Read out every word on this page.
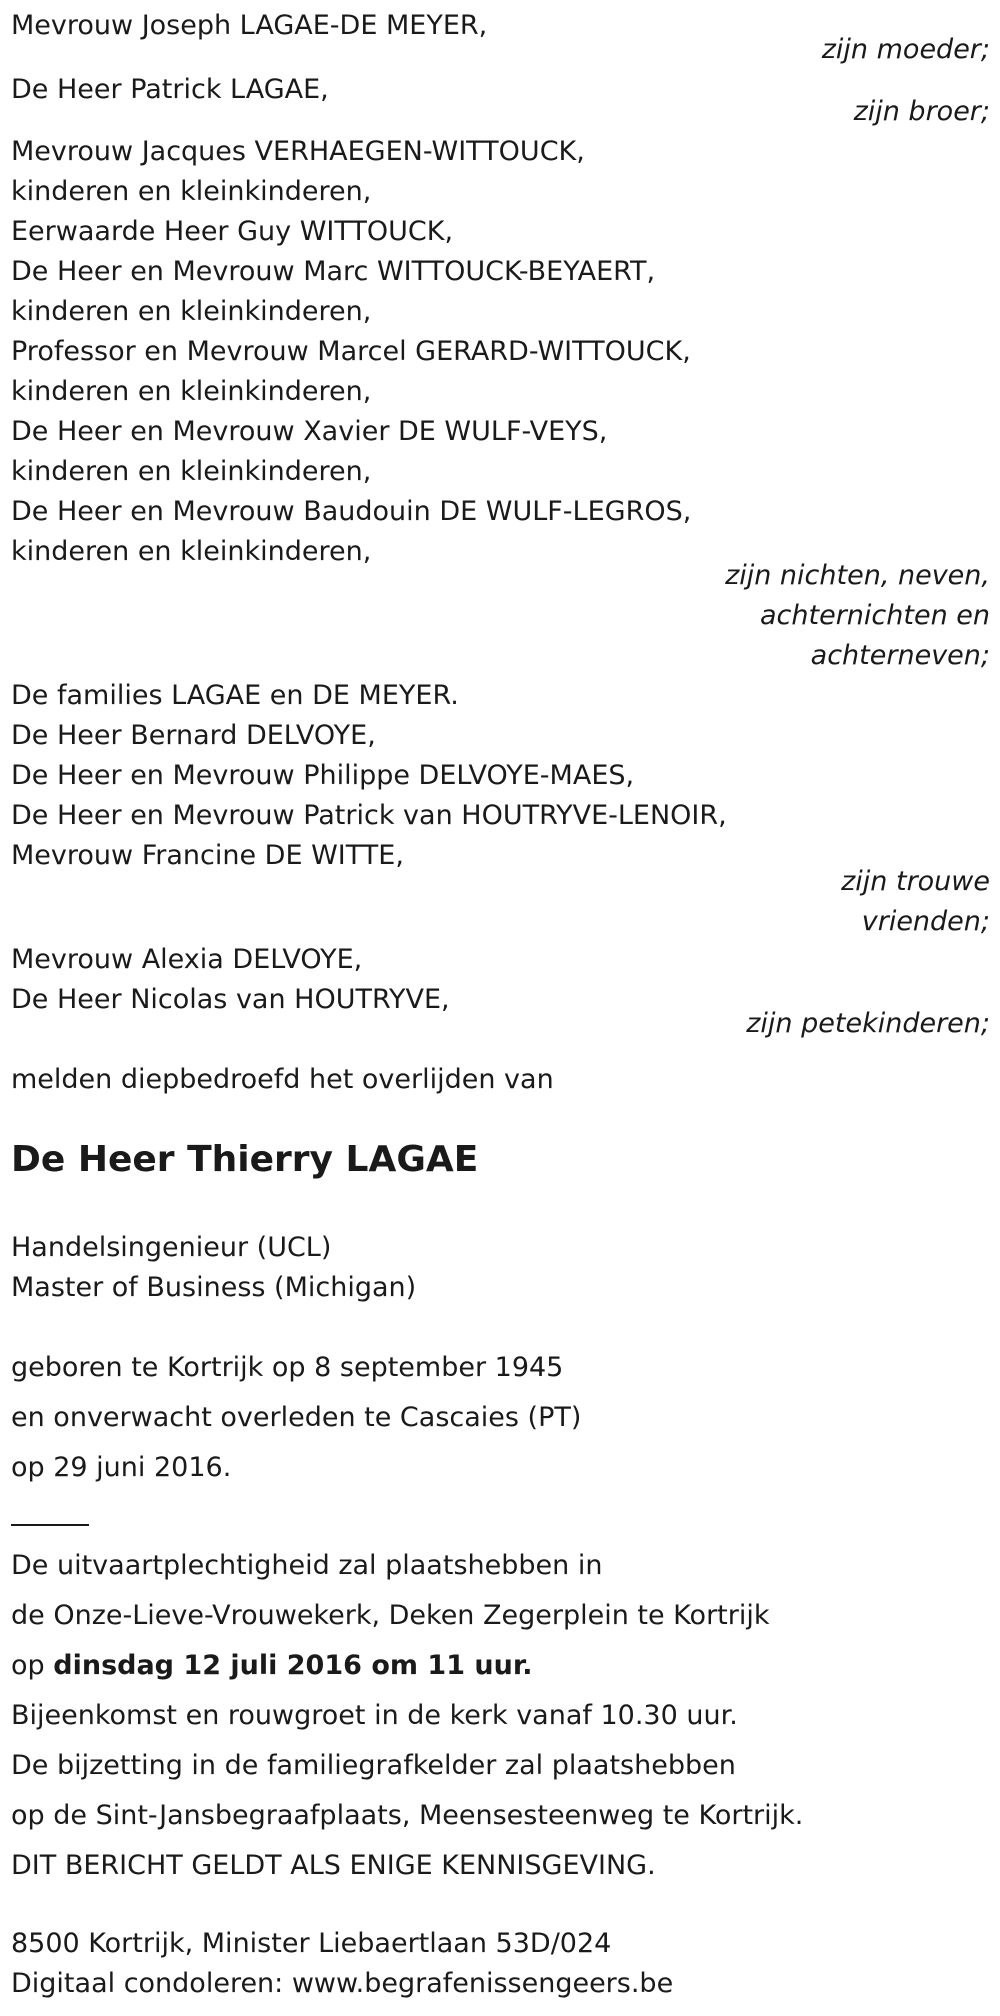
Mevrouw Joseph LAGAE-DE MEYER,
zijn moeder;
De Heer Patrick LAGAE,
zijn broer;
Mevrouw Jacques VERHAEGEN-WITTOUCK,
kinderen en kleinkinderen,
Eerwaarde Heer Guy WITTOUCK,
De Heer en Mevrouw Marc WITTOUCK-BEYAERT,
kinderen en kleinkinderen,
Professor en Mevrouw Marcel GERARD-WITTOUCK,
kinderen en kleinkinderen,
De Heer en Mevrouw Xavier DE WULF-VEYS,
kinderen en kleinkinderen,
De Heer en Mevrouw Baudouin DE WULF-LEGROS,
kinderen en kleinkinderen,
zijn nichten, neven,
achternichten en
achterneven;
De families LAGAE en DE MEYER.
De Heer Bernard DELVOYE,
De Heer en Mevrouw Philippe DELVOYE-MAES,
De Heer en Mevrouw Patrick van HOUTRYVE-LENOIR,
Mevrouw Francine DE WITTE,
zijn trouwe
vrienden;
Mevrouw Alexia DELVOYE,
De Heer Nicolas van HOUTRYVE,
zijn petekinderen;
melden diepbedroefd het overlijden van
De Heer Thierry LAGAE
Handelsingenieur (UCL)
Master of Business (Michigan)
geboren te Kortrijk op 8 september 1945
en onverwacht overleden te Cascaies (PT)
op 29 juni 2016.
De uitvaartplechtigheid zal plaatshebben in
de Onze-Lieve-Vrouwekerk, Deken Zegerplein te Kortrijk
op dinsdag 12 juli 2016 om 11 uur.
Bijeenkomst en rouwgroet in de kerk vanaf 10.30 uur.
De bijzetting in de familiegrafkelder zal plaatshebben
op de Sint-Jansbegraafplaats, Meensesteenweg te Kortrijk.
DIT BERICHT GELDT ALS ENIGE KENNISGEVING.
8500 Kortrijk, Minister Liebaertlaan 53D/024
Digitaal condoleren: www.begrafenissengeers.be
